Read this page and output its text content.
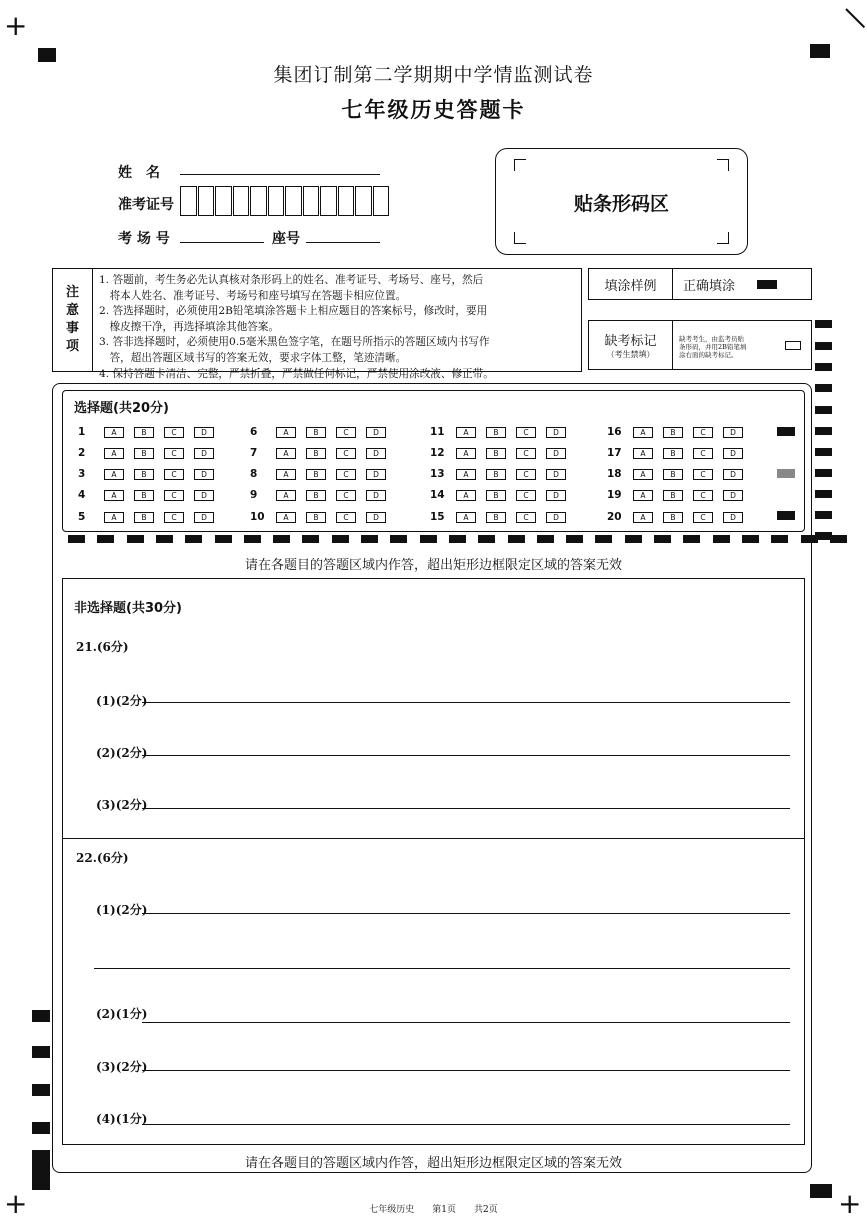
+
+	+
集团订制第二学期期中学情监测试卷
七年级历史答题卡
姓　名
准考证号
考 场 号	座号
贴条形码区
注
意
事
项
1. 答题前，考生务必先认真核对条形码上的姓名、准考证号、考场号、座号，然后
　将本人姓名、准考证号、考场号和座号填写在答题卡相应位置。
2. 答选择题时，必须使用2B铅笔填涂答题卡上相应题目的答案标号，修改时，要用
　橡皮擦干净，再选择填涂其他答案。
3. 答非选择题时，必须使用0.5毫米黑色签字笔，在题号所指示的答题区域内书写作
　答，超出答题区域书写的答案无效，要求字体工整，笔迹清晰。
4. 保持答题卡清洁、完整，严禁折叠，严禁做任何标记，严禁使用涂改液、修正带。
填涂样例	正确填涂
缺考标记
（考生禁填）
缺考考生，由监考员贴
条形码，并用2B铅笔填
涂右面的缺考标记。
选择题(共20分)
1	A	B	C	D
2	A	B	C	D
3	A	B	C	D
4	A	B	C	D
5	A	B	C	D
6	A	B	C	D
7	A	B	C	D
8	A	B	C	D
9	A	B	C	D
10	A	B	C	D
11	A	B	C	D
12	A	B	C	D
13	A	B	C	D
14	A	B	C	D
15	A	B	C	D
16	A	B	C	D
17	A	B	C	D
18	A	B	C	D
19	A	B	C	D
20	A	B	C	D
请在各题目的答题区域内作答，超出矩形边框限定区域的答案无效
非选择题(共30分)
21.(6分)
(1)(2分)
(2)(2分)
(3)(2分)
22.(6分)
(1)(2分)
(2)(1分)
(3)(2分)
(4)(1分)
请在各题目的答题区域内作答，超出矩形边框限定区域的答案无效
七年级历史　　第1页　　共2页
